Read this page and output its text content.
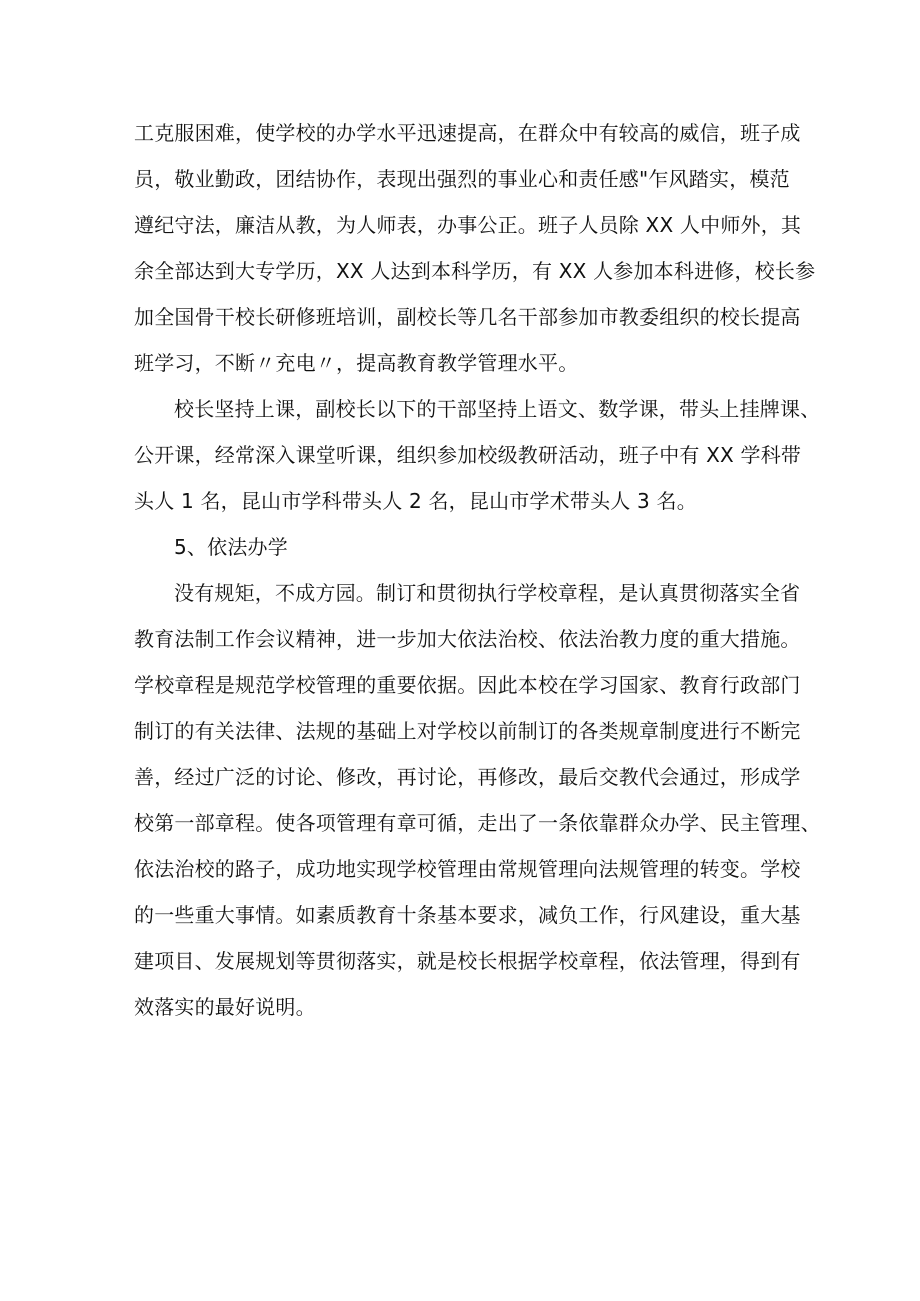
工克服困难，使学校的办学水平迅速提高，在群众中有较高的威信，班子成
员，敬业勤政，团结协作，表现出强烈的事业心和责任感"乍风踏实，模范
遵纪守法，廉洁从教，为人师表，办事公正。班子人员除 XX 人中师外，其
余全部达到大专学历，XX 人达到本科学历，有 XX 人参加本科进修，校长参
加全国骨干校长研修班培训，副校长等几名干部参加市教委组织的校长提高
班学习，不断〃充电〃，提高教育教学管理水平。
校长坚持上课，副校长以下的干部坚持上语文、数学课，带头上挂牌课、
公开课，经常深入课堂听课，组织参加校级教研活动，班子中有 XX 学科带
头人 1 名，昆山市学科带头人 2 名，昆山市学术带头人 3 名。
5、依法办学
没有规矩，不成方园。制订和贯彻执行学校章程，是认真贯彻落实全省
教育法制工作会议精神，进一步加大依法治校、依法治教力度的重大措施。
学校章程是规范学校管理的重要依据。因此本校在学习国家、教育行政部门
制订的有关法律、法规的基础上对学校以前制订的各类规章制度进行不断完
善，经过广泛的讨论、修改，再讨论，再修改，最后交教代会通过，形成学
校第一部章程。使各项管理有章可循，走出了一条依靠群众办学、民主管理、
依法治校的路子，成功地实现学校管理由常规管理向法规管理的转变。学校
的一些重大事情。如素质教育十条基本要求，减负工作，行风建设，重大基
建项目、发展规划等贯彻落实，就是校长根据学校章程，依法管理，得到有
效落实的最好说明。
